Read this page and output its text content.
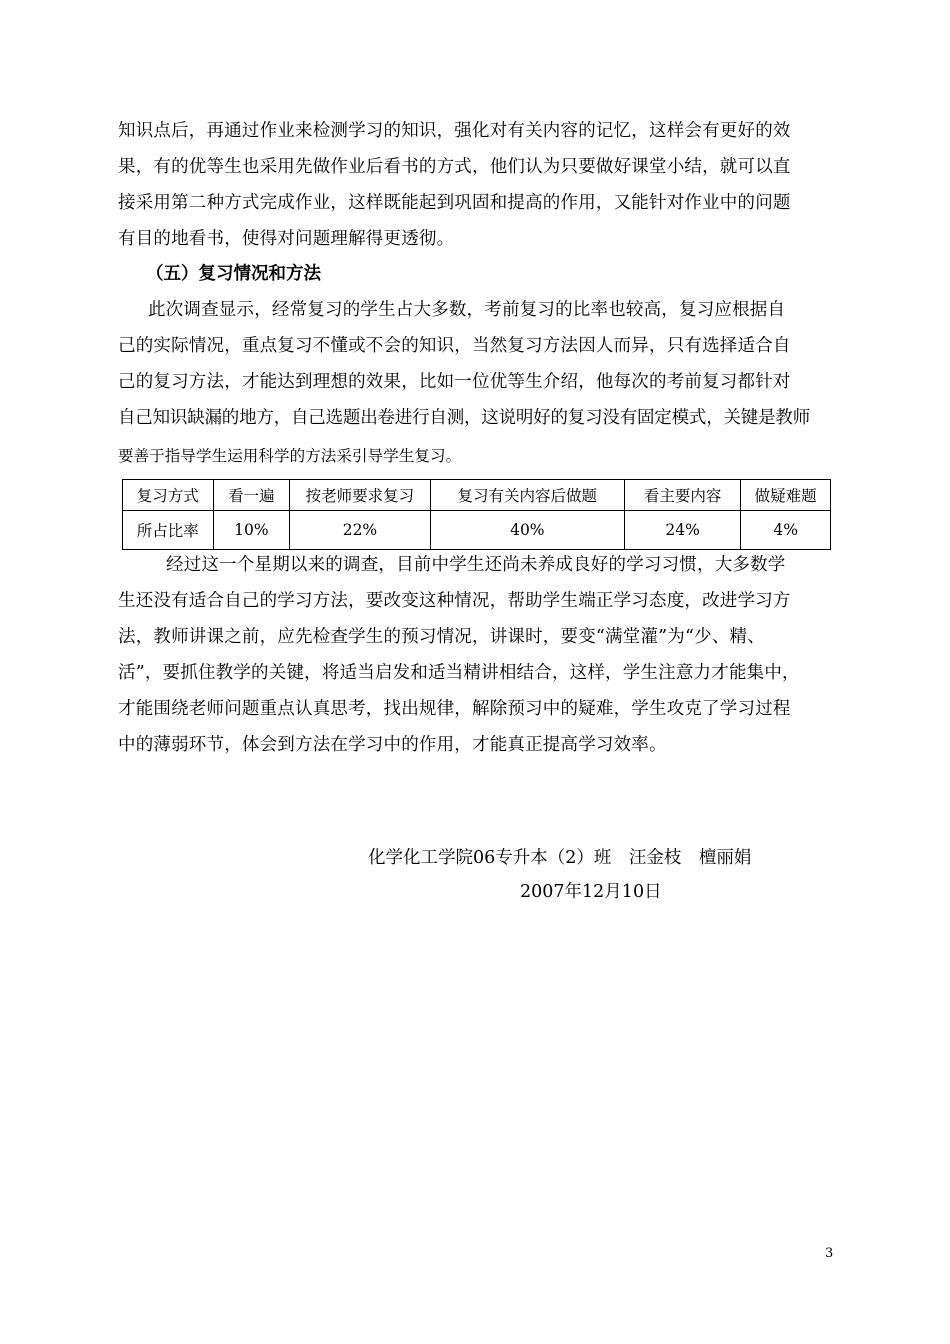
知识点后，再通过作业来检测学习的知识，强化对有关内容的记忆，这样会有更好的效
果，有的优等生也采用先做作业后看书的方式，他们认为只要做好课堂小结，就可以直
接采用第二种方式完成作业，这样既能起到巩固和提高的作用，又能针对作业中的问题
有目的地看书，使得对问题理解得更透彻。
（五）复习情况和方法
此次调查显示，经常复习的学生占大多数，考前复习的比率也较高，复习应根据自
己的实际情况，重点复习不懂或不会的知识，当然复习方法因人而异，只有选择适合自
己的复习方法，才能达到理想的效果，比如一位优等生介绍，他每次的考前复习都针对
自己知识缺漏的地方，自己选题出卷进行自测，这说明好的复习没有固定模式，关键是教师
要善于指导学生运用科学的方法采引导学生复习。
复习方式	看一遍	按老师要求复习	复习有关内容后做题	看主要内容	做疑难题
所占比率	10%	22%	40%	24%	4%
经过这一个星期以来的调查，目前中学生还尚未养成良好的学习习惯，大多数学
生还没有适合自己的学习方法，要改变这种情况，帮助学生端正学习态度，改进学习方
法，教师讲课之前，应先检查学生的预习情况，讲课时，要变“满堂灌”为“少、精、
活”，要抓住教学的关键，将适当启发和适当精讲相结合，这样，学生注意力才能集中，
才能围绕老师问题重点认真思考，找出规律，解除预习中的疑难，学生攻克了学习过程
中的薄弱环节，体会到方法在学习中的作用，才能真正提高学习效率。
化学化工学院06专升本（2）班　汪金枝　檀丽娟
2007年12月10日
3
